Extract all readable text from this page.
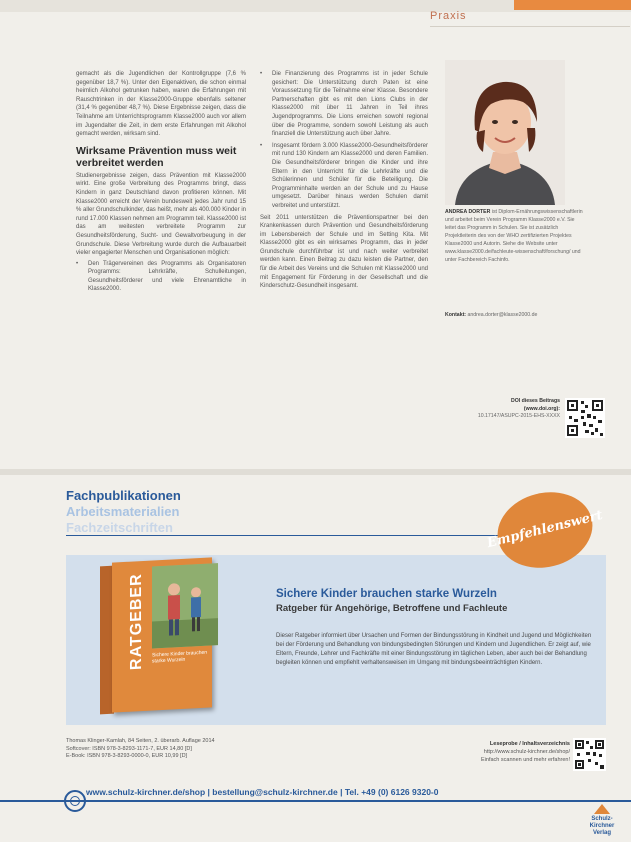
Praxis

gemacht als die Jugendlichen der Kontrollgruppe (7,6 % gegenüber 18,7 %). Unter den Eigenaktiven, die schon einmal heimlich Alkohol getrunken haben, waren die Erfahrungen mit Rauschtrinken in der Klasse2000-Gruppe ebenfalls seltener (31,4 % gegenüber 48,7 %). Diese Ergebnisse zeigen, dass die Teilnahme am Unterrichtsprogramm Klasse2000 auch vor allem im Jugendalter die Zeit, in dem erste Erfahrungen mit Alkohol gemacht werden, wirksam sind.

Wirksame Prävention muss weit verbreitet werden

Studienergebnisse zeigen, dass Prävention mit Klasse2000 wirkt. Eine große Verbreitung des Programms bringt, dass Kindern in ganz Deutschland davon profitieren können. Mit Klasse2000 erreicht der Verein bundesweit jedes Jahr rund 15 % aller Grundschulkinder, das heißt, mehr als 400.000 Kinder in rund 17.000 Klassen nehmen am Programm teil. Klasse2000 ist das am weitesten verbreitete Programm zur Gesundheitsförderung, Sucht- und Gewaltvorbeugung in der Grundschule. Diese Verbreitung wurde durch die Aufbauarbeit vieler engagierter Menschen und Organisationen möglich:

• Den Trägervereinen des Programms als Organisatoren Programms: Lehrkräfte, Schulleitungen, Gesundheitsförderer und viele Ehrenamtliche in Klasse2000.
• Die Finanzierung des Programms ist in jeder Schule gesichert: Die Unterstützung durch Paten ist eine Voraussetzung für die Teilnahme einer Klasse. Besondere Partnerschaften gibt es mit den Lions Clubs in der Klasse2000 mit über 11 Jahren in Teil ihres Jugendprogramms. Die Lions erreichen sowohl regional über die Programme, sondern sowohl Leistung als auch finanziell die Unterstützung auch über Jahre.
• Insgesamt fördern 3.000 Klasse2000-Gesundheitsförderer mit rund 130 Kindern am Klasse2000 und deren Familien. Die Gesundheitsförderer bringen die Kinder und ihre Eltern in den Unterricht für die Lehrkräfte und die Schülerinnen und Schüler für die Beteiligung. Die Programminhalte werden an der Schule und zu Hause umgesetzt. Darüber hinaus werden Schulen damit verbreitet und unterstützt.

Seit 2011 unterstützen die Präventionspartner bei den Krankenkassen durch Prävention und Gesundheitsförderung im Lebensbereich der Schule und im Setting Kita. Mit Klasse2000 gibt es ein wirksames Programm, das in jeder Grundschule durchführbar ist und nach weiter verbreitet werden kann. Einen Beitrag zu dazu leisten die Partner, den für die Arbeit des Vereins und die Schulen mit Klasse2000 und mit Engagement für Förderung in der Gesellschaft und die Kinderschutz-Gesundheit insgesamt.

ANDREA DORTER ist Diplom-Ernährungswissenschaftlerin und arbeitet beim Verein Programm Klasse2000 e.V. Sie leitet das Programm in Schulen. Sie ist zusätzlich Projektleiterin des von der WHO zertifizierten Projektes Klasse2000 und Autorin. Siehe die Website unter www.klasse2000.de/fachleute-wissenschaft/forschung/ und unter Fachbereich Fachinfo.
Kontakt: andrea.dorter@klasse2000.de
DOI dieses Beitrags
(www.doi.org):
10.17147/ASUPC-2015-EHS-XXXX
Fachpublikationen
Arbeitsmaterialien
Fachzeitschriften	Empfehlenswert
RATGEBER Sichere Kinder brauchen starke Wurzeln
Sichere Kinder brauchen starke Wurzeln
Ratgeber für Angehörige, Betroffene und Fachleute
Dieser Ratgeber informiert über Ursachen und Formen der Bindungsstörung in Kindheit und Jugend und Möglichkeiten bei der Förderung und Behandlung von bindungsbedingten Störungen und Kindern und Jugendlichen. Er zeigt auf, wie Eltern, Freunde, Lehrer und Fachkräfte mit einer Bindungsstörung im täglichen Leben, aber auch bei der Behandlung begleiten können und empfiehlt verhaltensweisen im Umgang mit bindungsbeeinträchtigten Kindern.
Thomas Klinger-Kamlah, 84 Seiten, 2. überarb. Auflage 2014
Softcover: ISBN 978-3-8293-1171-7, EUR 14,80 [D]
E-Book: ISBN 978-3-8293-0000-0, EUR 10,99 [D]
Leseprobe / Inhaltsverzeichnis
http://www.schulz-kirchner.de/shop/
Einfach scannen und mehr erfahren!
www.schulz-kirchner.de/shop | bestellung@schulz-kirchner.de | Tel. +49 (0) 6126 9320-0
Schulz-Kirchner Verlag
